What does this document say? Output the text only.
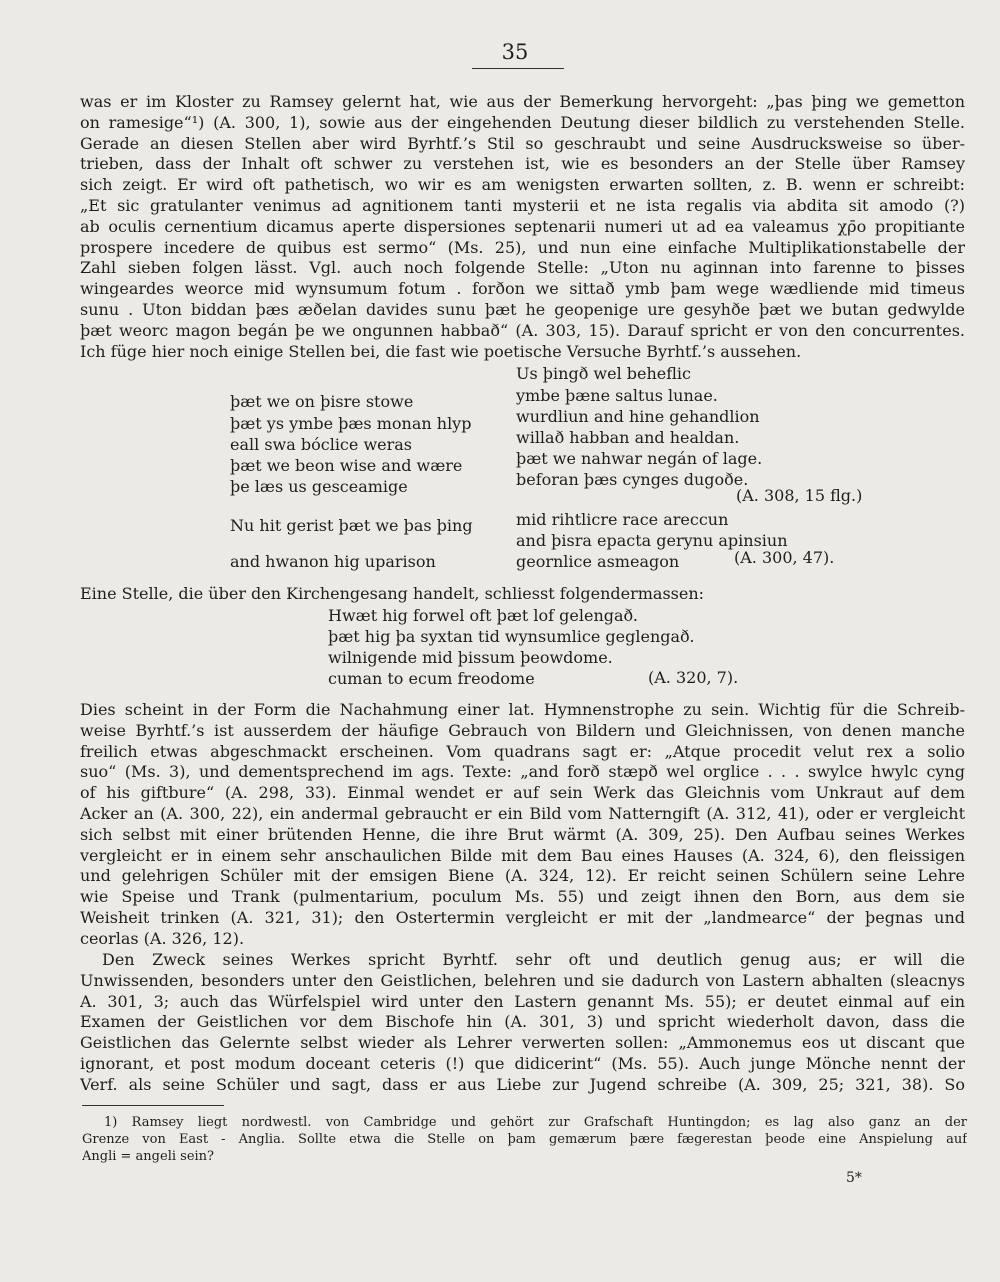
35
was er im Kloster zu Ramsey gelernt hat, wie aus der Bemerkung hervorgeht: „þas þing we gemetton
on ramesige“¹) (A. 300, 1), sowie aus der eingehenden Deutung dieser bildlich zu verstehenden Stelle.
Gerade an diesen Stellen aber wird Byrhtf.’s Stil so geschraubt und seine Ausdrucksweise so über-
trieben, dass der Inhalt oft schwer zu verstehen ist, wie es besonders an der Stelle über Ramsey
sich zeigt. Er wird oft pathetisch, wo wir es am wenigsten erwarten sollten, z. B. wenn er schreibt:
„Et sic gratulanter venimus ad agnitionem tanti mysterii et ne ista regalis via abdita sit amodo (?)
ab oculis cernentium dicamus aperte dispersiones septenarii numeri ut ad ea valeamus χρ̄o propitiante
prospere incedere de quibus est sermo“ (Ms. 25), und nun eine einfache Multiplikationstabelle der
Zahl sieben folgen lässt. Vgl. auch noch folgende Stelle: „Uton nu aginnan into farenne to þisses
wingeardes weorce mid wynsumum fotum . forðon we sittað ymb þam wege wædliende mid timeus
sunu . Uton biddan þæs æðelan davides sunu þæt he geopenige ure gesyhðe þæt we butan gedwylde
þæt weorc magon begán þe we ongunnen habbað“ (A. 303, 15). Darauf spricht er von den concurrentes.
Ich füge hier noch einige Stellen bei, die fast wie poetische Versuche Byrhtf.’s aussehen.
Us þingð wel beheflic
ymbe þæne saltus lunae.
wurdliun and hine gehandlion
willað habban and healdan.
þæt we nahwar negán of lage.
beforan þæs cynges dugoðe.
(A. 308, 15 flg.)
þæt we on þisre stowe
þæt ys ymbe þæs monan hlyp
eall swa bóclice weras
þæt we beon wise and wære
þe læs us gesceamige
Nu hit gerist þæt we þas þing
and hwanon hig uparison
mid rihtlicre race areccun
and þisra epacta gerynu apinsiun
geornlice asmeagon	(A. 300, 47).
Eine Stelle, die über den Kirchengesang handelt, schliesst folgendermassen:
Hwæt hig forwel oft þæt lof gelengað.
þæt hig þa syxtan tid wynsumlice geglengað.
wilnigende mid þissum þeowdome.
cuman to ecum freodome	(A. 320, 7).
Dies scheint in der Form die Nachahmung einer lat. Hymnenstrophe zu sein. Wichtig für die Schreib-
weise Byrhtf.’s ist ausserdem der häufige Gebrauch von Bildern und Gleichnissen, von denen manche
freilich etwas abgeschmackt erscheinen. Vom quadrans sagt er: „Atque procedit velut rex a solio
suo“ (Ms. 3), und dementsprechend im ags. Texte: „and forð stæpð wel orglice . . . swylce hwylc cyng
of his giftbure“ (A. 298, 33). Einmal wendet er auf sein Werk das Gleichnis vom Unkraut auf dem
Acker an (A. 300, 22), ein andermal gebraucht er ein Bild vom Natterngift (A. 312, 41), oder er vergleicht
sich selbst mit einer brütenden Henne, die ihre Brut wärmt (A. 309, 25). Den Aufbau seines Werkes
vergleicht er in einem sehr anschaulichen Bilde mit dem Bau eines Hauses (A. 324, 6), den fleissigen
und gelehrigen Schüler mit der emsigen Biene (A. 324, 12). Er reicht seinen Schülern seine Lehre
wie Speise und Trank (pulmentarium, poculum Ms. 55) und zeigt ihnen den Born, aus dem sie
Weisheit trinken (A. 321, 31); den Ostertermin vergleicht er mit der „landmearce“ der þegnas und
ceorlas (A. 326, 12).
Den Zweck seines Werkes spricht Byrhtf. sehr oft und deutlich genug aus; er will die
Unwissenden, besonders unter den Geistlichen, belehren und sie dadurch von Lastern abhalten (sleacnys
A. 301, 3; auch das Würfelspiel wird unter den Lastern genannt Ms. 55); er deutet einmal auf ein
Examen der Geistlichen vor dem Bischofe hin (A. 301, 3) und spricht wiederholt davon, dass die
Geistlichen das Gelernte selbst wieder als Lehrer verwerten sollen: „Ammonemus eos ut discant que
ignorant, et post modum doceant ceteris (!) que didicerint“ (Ms. 55). Auch junge Mönche nennt der
Verf. als seine Schüler und sagt, dass er aus Liebe zur Jugend schreibe (A. 309, 25; 321, 38). So
1) Ramsey liegt nordwestl. von Cambridge und gehört zur Grafschaft Huntingdon; es lag also ganz an der
Grenze von East - Anglia. Sollte etwa die Stelle on þam gemærum þære fægerestan þeode eine Anspielung auf
Angli = angeli sein?
5*
